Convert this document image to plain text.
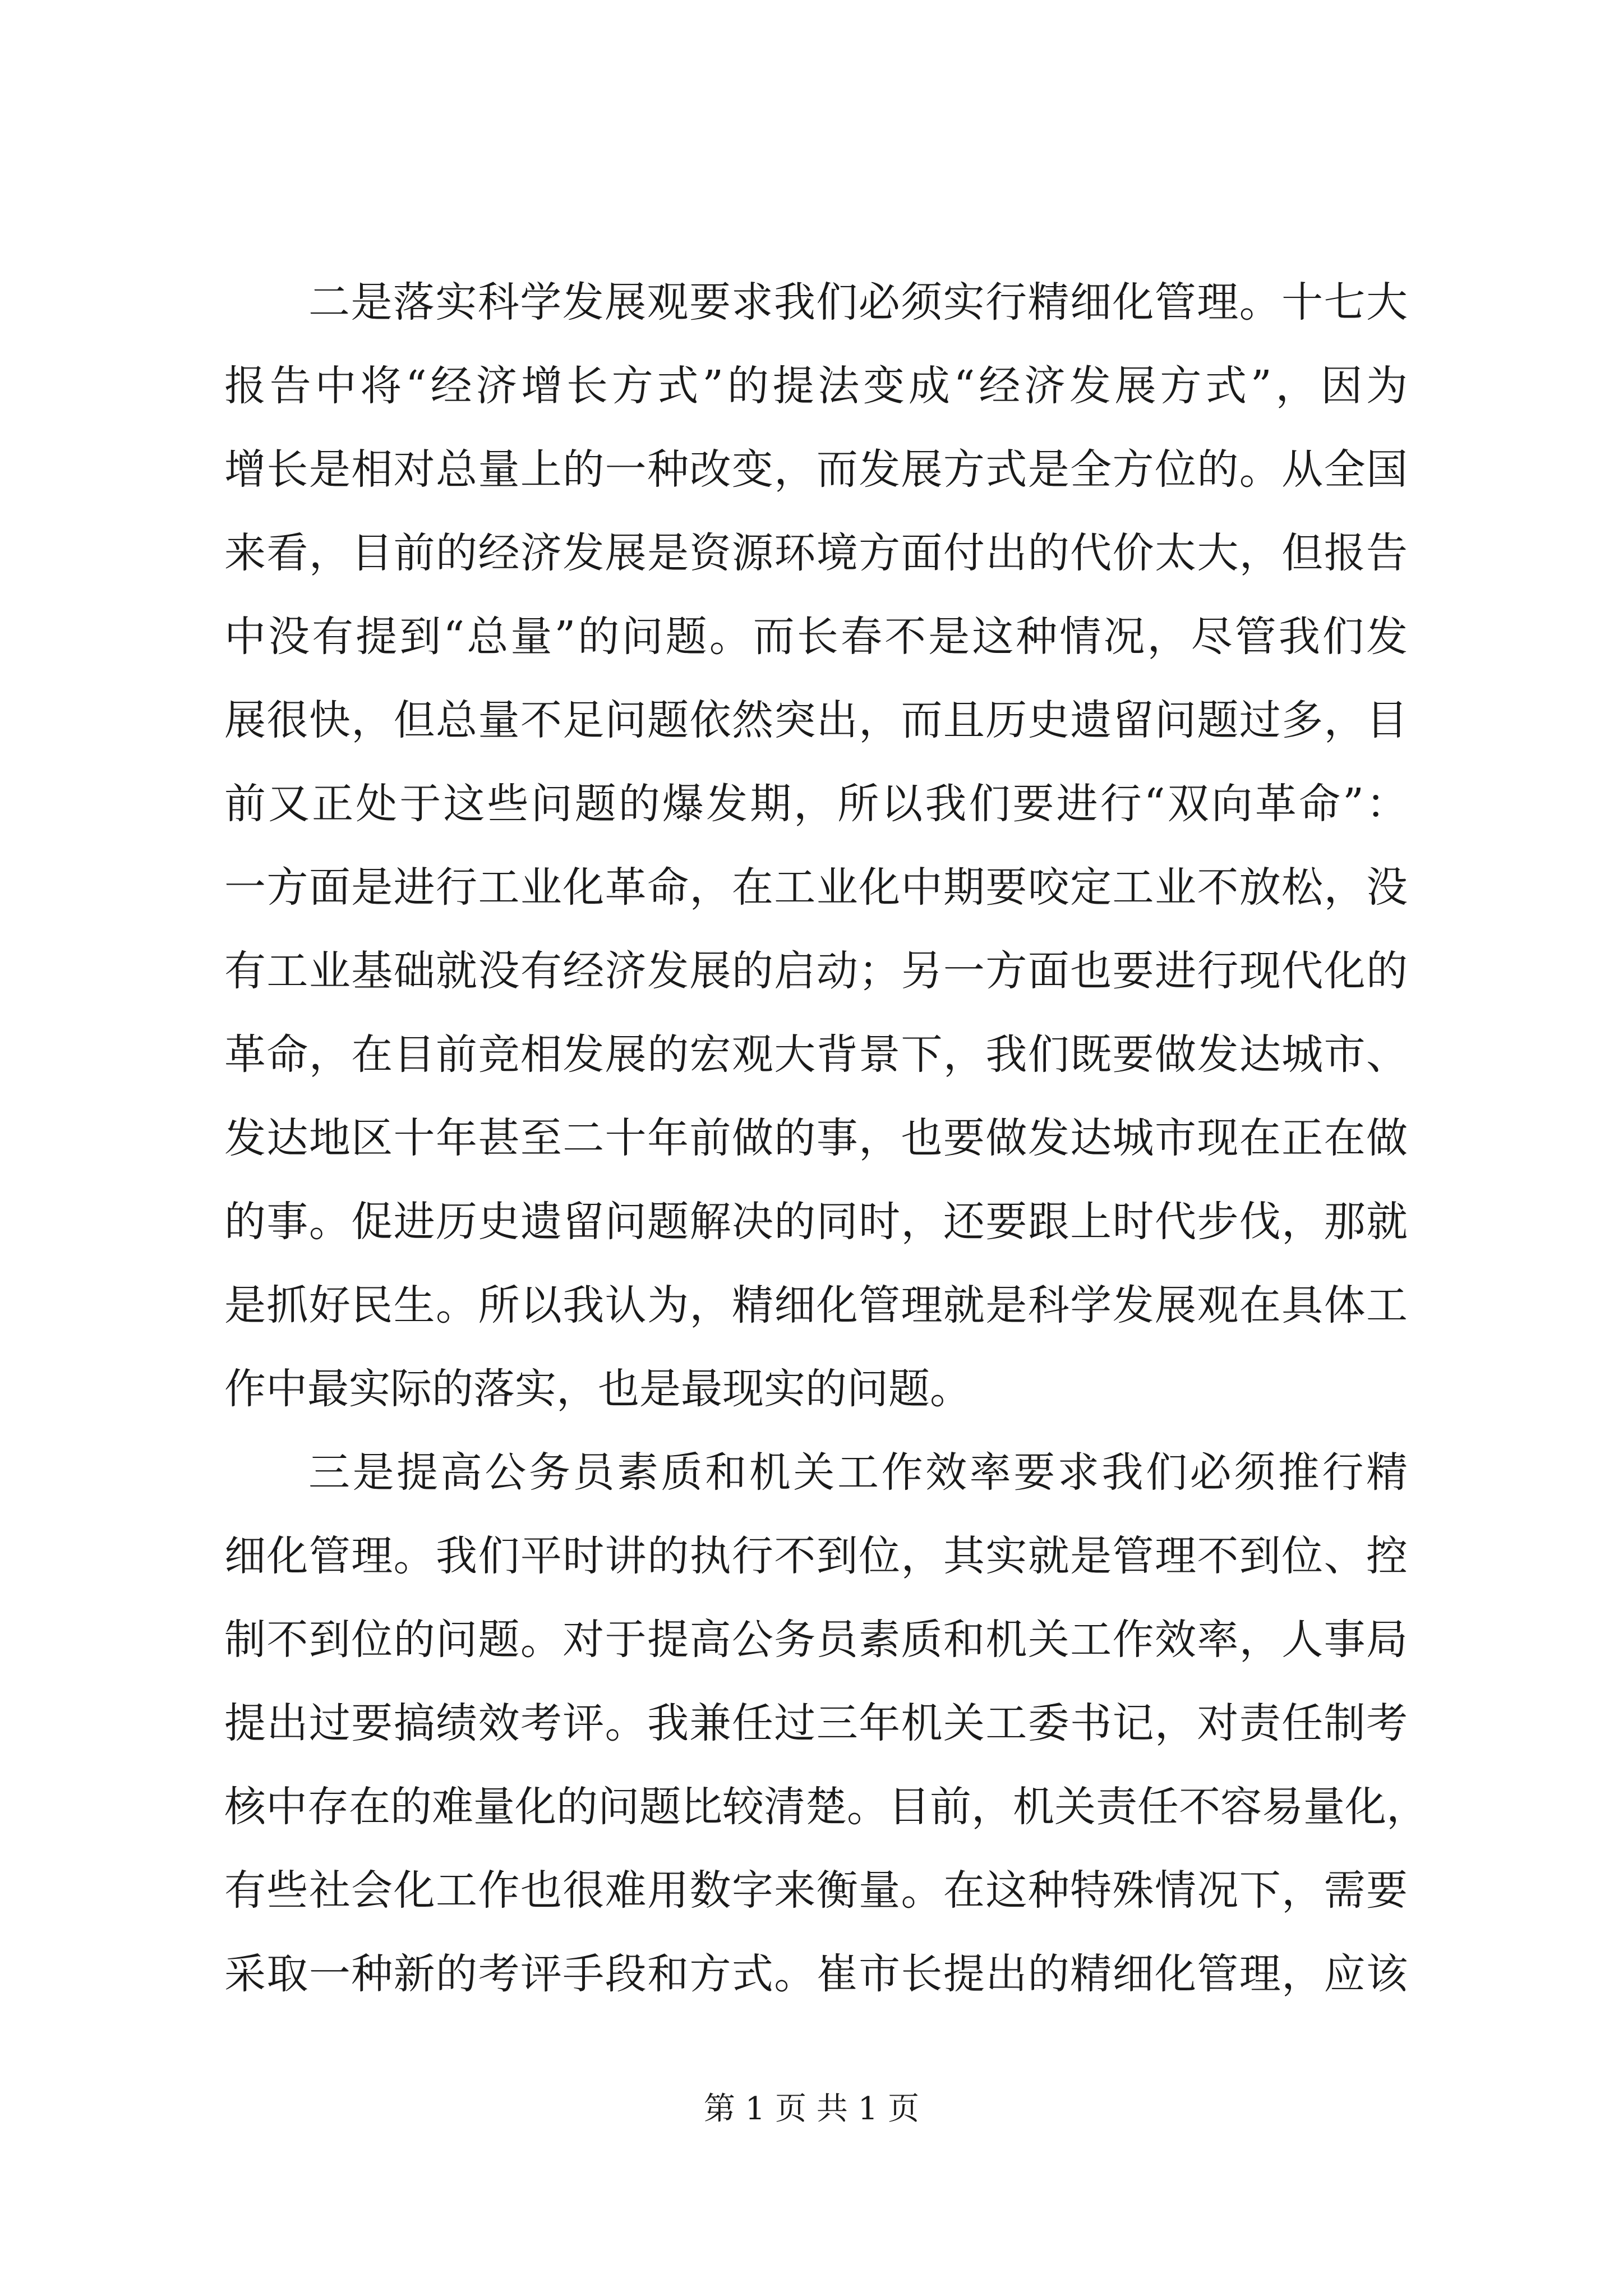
二是落实科学发展观要求我们必须实行精细化管理。十七大
报告中将“经济增长方式”的提法变成“经济发展方式”，因为
增长是相对总量上的一种改变，而发展方式是全方位的。从全国
来看，目前的经济发展是资源环境方面付出的代价太大，但报告
中没有提到“总量”的问题。而长春不是这种情况，尽管我们发
展很快，但总量不足问题依然突出，而且历史遗留问题过多，目
前又正处于这些问题的爆发期，所以我们要进行“双向革命”：
一方面是进行工业化革命，在工业化中期要咬定工业不放松，没
有工业基础就没有经济发展的启动；另一方面也要进行现代化的
革命，在目前竞相发展的宏观大背景下，我们既要做发达城市、
发达地区十年甚至二十年前做的事，也要做发达城市现在正在做
的事。促进历史遗留问题解决的同时，还要跟上时代步伐，那就
是抓好民生。所以我认为，精细化管理就是科学发展观在具体工
作中最实际的落实，也是最现实的问题。
三是提高公务员素质和机关工作效率要求我们必须推行精
细化管理。我们平时讲的执行不到位，其实就是管理不到位、控
制不到位的问题。对于提高公务员素质和机关工作效率，人事局
提出过要搞绩效考评。我兼任过三年机关工委书记，对责任制考
核中存在的难量化的问题比较清楚。目前，机关责任不容易量化，
有些社会化工作也很难用数字来衡量。在这种特殊情况下，需要
采取一种新的考评手段和方式。崔市长提出的精细化管理，应该
第 1 页 共 1 页
